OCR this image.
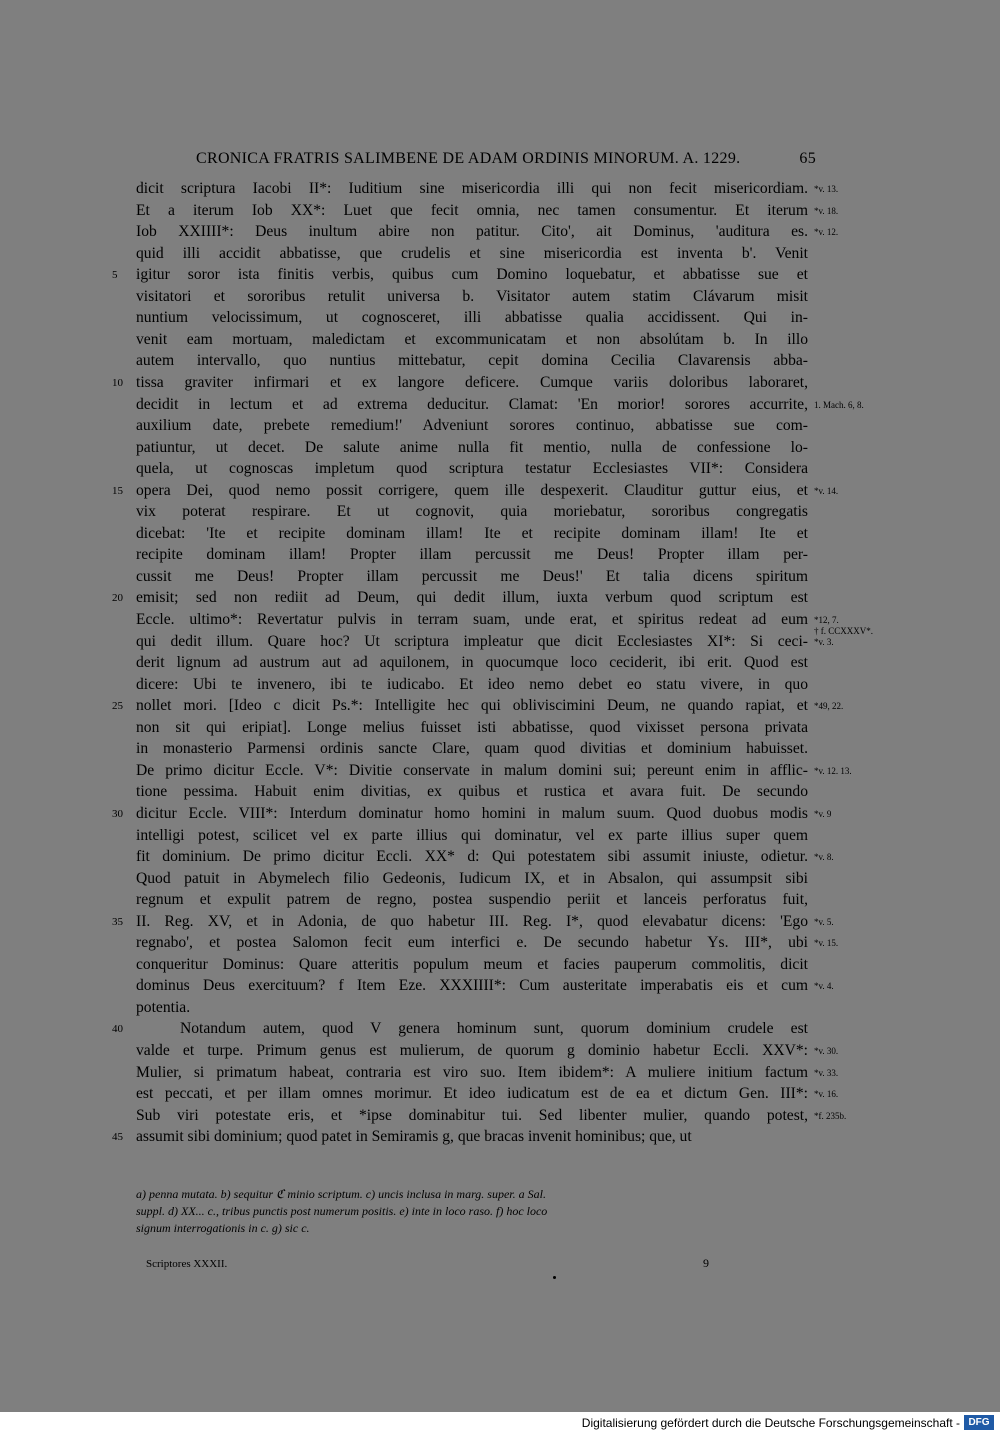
CRONICA FRATRIS SALIMBENE DE ADAM ORDINIS MINORUM. A. 1229.	65
dicit scriptura Iacobi II*: Iuditium sine misericordia illi qui non fecit misericordiam.
Et a iterum Iob XX*: Luet que fecit omnia, nec tamen consumentur. Et iterum
Iob XXIIII*: Deus inultum abire non patitur. Cito', ait Dominus, 'auditura es.
quid illi accidit abbatisse, que crudelis et sine misericordia est inventa b'. Venit
igitur soror ista finitis verbis, quibus cum Domino loquebatur, et abbatisse sue et
visitatori et sororibus retulit universa b. Visitator autem statim Clávarum misit
nuntium velocissimum, ut cognosceret, illi abbatisse qualia accidissent. Qui in-
venit eam mortuam, maledictam et excommunicatam et non absolútam b. In illo
autem intervallo, quo nuntius mittebatur, cepit domina Cecilia Clavarensis abba-
tissa graviter infirmari et ex langore deficere. Cumque variis doloribus laboraret,
decidit in lectum et ad extrema deducitur. Clamat: 'En morior! sorores accurrite,
auxilium date, prebete remedium!' Adveniunt sorores continuo, abbatisse sue com-
patiuntur, ut decet. De salute anime nulla fit mentio, nulla de confessione lo-
quela, ut cognoscas impletum quod scriptura testatur Ecclesiastes VII*: Considera
opera Dei, quod nemo possit corrigere, quem ille despexerit. Clauditur guttur eius, et
vix poterat respirare. Et ut cognovit, quia moriebatur, sororibus congregatis
dicebat: 'Ite et recipite dominam illam! Ite et recipite dominam illam! Ite et
recipite dominam illam! Propter illam percussit me Deus! Propter illam per-
cussit me Deus! Propter illam percussit me Deus!' Et talia dicens spiritum
emisit; sed non rediit ad Deum, qui dedit illum, iuxta verbum quod scriptum est
Eccle. ultimo*: Revertatur pulvis in terram suam, unde erat, et spiritus redeat ad eum
qui dedit illum. Quare hoc? Ut scriptura impleatur que dicit Ecclesiastes XI*: Si ceci-
derit lignum ad austrum aut ad aquilonem, in quocumque loco ceciderit, ibi erit. Quod est
dicere: Ubi te invenero, ibi te iudicabo. Et ideo nemo debet eo statu vivere, in quo
nollet mori. [Ideo c dicit Ps.*: Intelligite hec qui obliviscimini Deum, ne quando rapiat, et
non sit qui eripiat]. Longe melius fuisset isti abbatisse, quod vixisset persona privata
in monasterio Parmensi ordinis sancte Clare, quam quod divitias et dominium habuisset.
De primo dicitur Eccle. V*: Divitie conservate in malum domini sui; pereunt enim in afflic-
tione pessima. Habuit enim divitias, ex quibus et rustica et avara fuit. De secundo
dicitur Eccle. VIII*: Interdum dominatur homo homini in malum suum. Quod duobus modis
intelligi potest, scilicet vel ex parte illius qui dominatur, vel ex parte illius super quem
fit dominium. De primo dicitur Eccli. XX* d: Qui potestatem sibi assumit iniuste, odietur.
Quod patuit in Abymelech filio Gedeonis, Iudicum IX, et in Absalon, qui assumpsit sibi
regnum et expulit patrem de regno, postea suspendio periit et lanceis perforatus fuit,
II. Reg. XV, et in Adonia, de quo habetur III. Reg. I*, quod elevabatur dicens: 'Ego
regnabo', et postea Salomon fecit eum interfici e. De secundo habetur Ys. III*, ubi
conqueritur Dominus: Quare atteritis populum meum et facies pauperum commolitis, dicit
dominus Deus exercituum? f Item Eze. XXXIIII*: Cum austeritate imperabatis eis et cum
potentia.
Notandum autem, quod V genera hominum sunt, quorum dominium crudele est
valde et turpe. Primum genus est mulierum, de quorum g dominio habetur Eccli. XXV*:
Mulier, si primatum habeat, contraria est viro suo. Item ibidem*: A muliere initium factum
est peccati, et per illam omnes morimur. Et ideo iudicatum est de ea et dictum Gen. III*:
Sub viri potestate eris, et *ipse dominabitur tui. Sed libenter mulier, quando potest,
assumit sibi dominium; quod patet in Semiramis g, que bracas invenit hominibus; que, ut
5
10
15
20
25
30
35
40
45
*v. 13.
*v. 18.
*v. 12.
1. Mach. 6, 8.
*v. 14.
*12, 7.
† f. CCXXXV*.
*v. 3.
*49, 22.
*v. 12. 13.
*v. 9
*v. 8.
*v. 5.
*v. 15.
*v. 4.
*v. 30.
*v. 33.
*v. 16.
*f. 235b.
a) penna mutata. b) sequitur ℭ minio scriptum. c) uncis inclusa in marg. super. a Sal.
suppl. d) XX... c., tribus punctis post numerum positis. e) inte in loco raso. f) hoc loco
signum interrogationis in c. g) sic c.
Scriptores XXXII.	9
Digitalisierung gefördert durch die Deutsche Forschungsgemeinschaft - DFG
